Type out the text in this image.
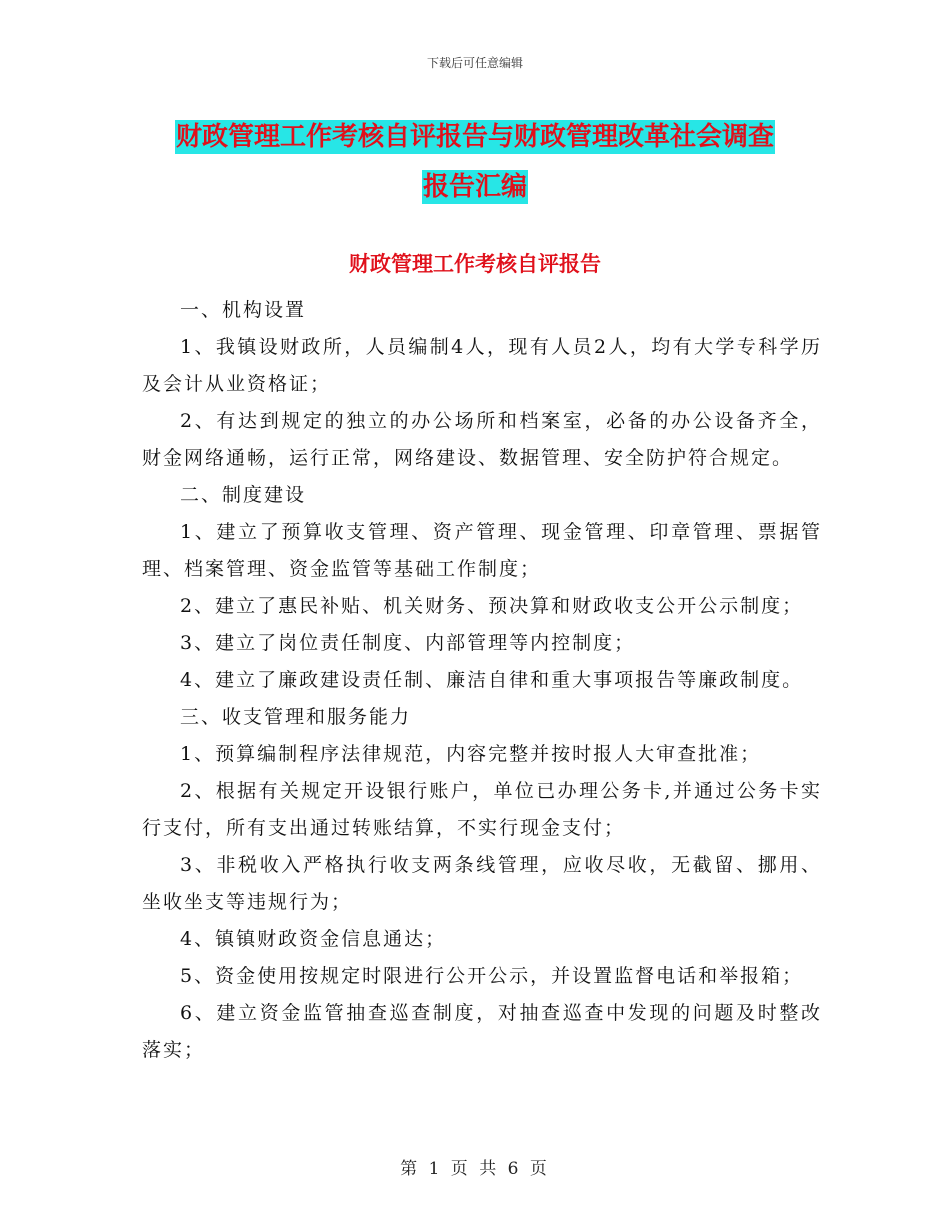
下载后可任意编辑
财政管理工作考核自评报告与财政管理改革社会调查
报告汇编
财政管理工作考核自评报告

一、机构设置

1、我镇设财政所，人员编制4人，现有人员2人，均有大学专科学历及会计从业资格证；

2、有达到规定的独立的办公场所和档案室，必备的办公设备齐全，财金网络通畅，运行正常，网络建设、数据管理、安全防护符合规定。

二、制度建设

1、建立了预算收支管理、资产管理、现金管理、印章管理、票据管理、档案管理、资金监管等基础工作制度；

2、建立了惠民补贴、机关财务、预决算和财政收支公开公示制度；

3、建立了岗位责任制度、内部管理等内控制度；

4、建立了廉政建设责任制、廉洁自律和重大事项报告等廉政制度。

三、收支管理和服务能力

1、预算编制程序法律规范，内容完整并按时报人大审查批准；

2、根据有关规定开设银行账户，单位已办理公务卡,并通过公务卡实行支付，所有支出通过转账结算，不实行现金支付；

3、非税收入严格执行收支两条线管理，应收尽收，无截留、挪用、坐收坐支等违规行为；

4、镇镇财政资金信息通达；

5、资金使用按规定时限进行公开公示，并设置监督电话和举报箱；

6、建立资金监管抽查巡查制度，对抽查巡查中发现的问题及时整改落实；

第 1 页 共 6 页
